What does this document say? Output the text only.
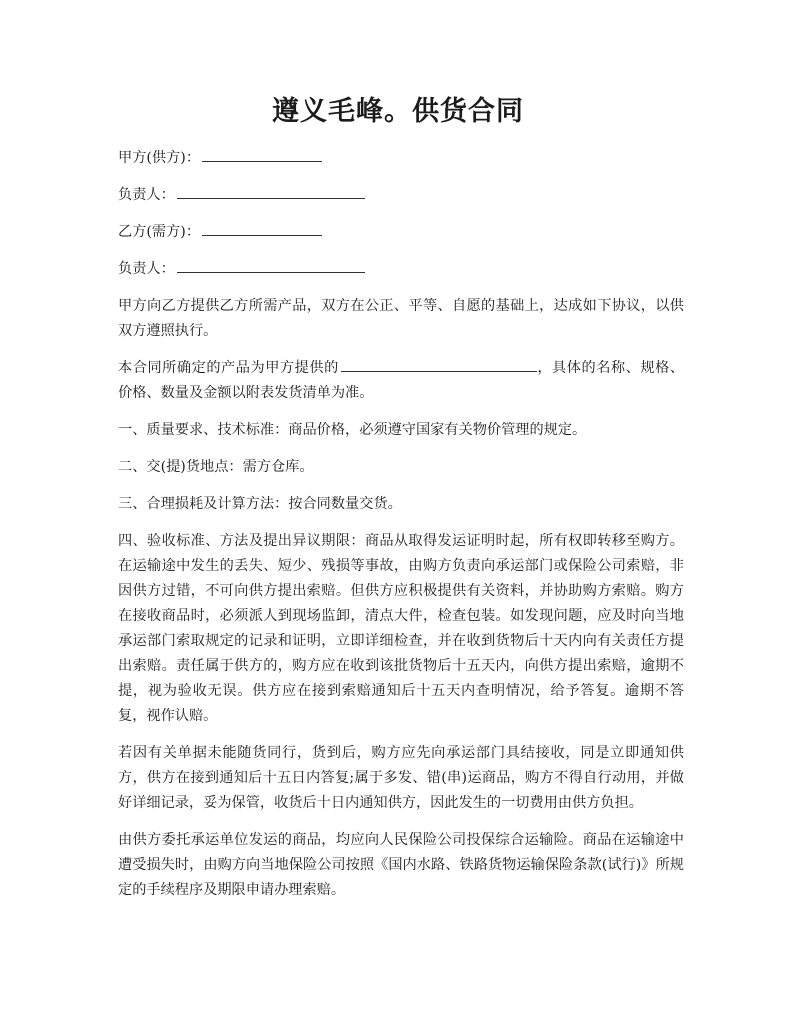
遵义毛峰。供货合同

甲方(供方)：

负责人：

乙方(需方)：

负责人：

甲方向乙方提供乙方所需产品，双方在公正、平等、自愿的基础上，达成如下协议，以供双方遵照执行。

本合同所确定的产品为甲方提供的	，具体的名称、规格、价格、数量及金额以附表发货清单为准。

一、质量要求、技术标准：商品价格，必须遵守国家有关物价管理的规定。

二、交(提)货地点：需方仓库。

三、合理损耗及计算方法：按合同数量交货。

四、验收标准、方法及提出异议期限：商品从取得发运证明时起，所有权即转移至购方。在运输途中发生的丢失、短少、残损等事故，由购方负责向承运部门或保险公司索赔，非因供方过错，不可向供方提出索赔。但供方应积极提供有关资料，并协助购方索赔。购方在接收商品时，必须派人到现场监卸，清点大件，检查包装。如发现问题，应及时向当地承运部门索取规定的记录和证明，立即详细检查，并在收到货物后十天内向有关责任方提出索赔。责任属于供方的，购方应在收到该批货物后十五天内，向供方提出索赔，逾期不提，视为验收无误。供方应在接到索赔通知后十五天内查明情况，给予答复。逾期不答复，视作认赔。

若因有关单据未能随货同行，货到后，购方应先向承运部门具结接收，同是立即通知供方，供方在接到通知后十五日内答复;属于多发、错(串)运商品，购方不得自行动用，并做好详细记录，妥为保管，收货后十日内通知供方，因此发生的一切费用由供方负担。

由供方委托承运单位发运的商品，均应向人民保险公司投保综合运输险。商品在运输途中遭受损失时，由购方向当地保险公司按照《国内水路、铁路货物运输保险条款(试行)》所规定的手续程序及期限申请办理索赔。
